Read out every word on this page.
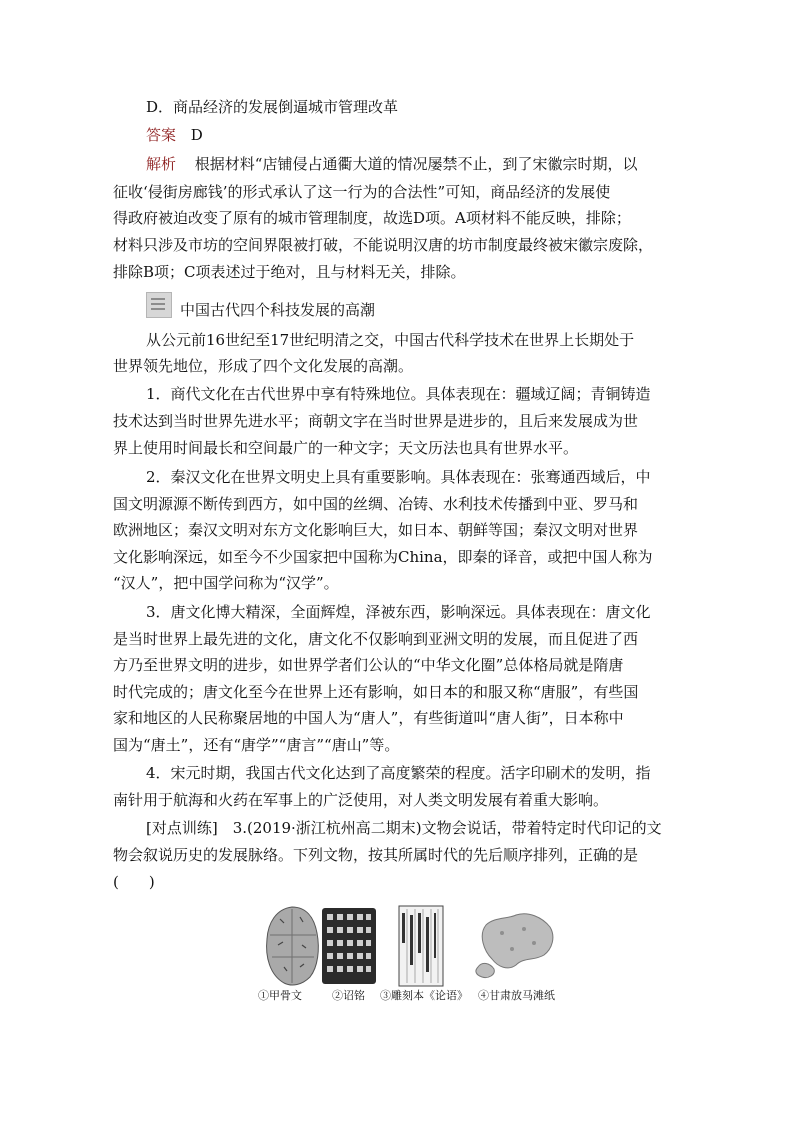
D．商品经济的发展倒逼城市管理改革
答案 D
解析 根据材料“店铺侵占通衢大道的情况屡禁不止，到了宋徽宗时期，以
征收‘侵街房廊钱’的形式承认了这一行为的合法性”可知，商品经济的发展使
得政府被迫改变了原有的城市管理制度，故选D项。A项材料不能反映，排除；
材料只涉及市坊的空间界限被打破，不能说明汉唐的坊市制度最终被宋徽宗废除，
排除B项；C项表述过于绝对，且与材料无关，排除。
中国古代四个科技发展的高潮
从公元前16世纪至17世纪明清之交，中国古代科学技术在世界上长期处于
世界领先地位，形成了四个文化发展的高潮。
1．商代文化在古代世界中享有特殊地位。具体表现在：疆域辽阔；青铜铸造
技术达到当时世界先进水平；商朝文字在当时世界是进步的，且后来发展成为世
界上使用时间最长和空间最广的一种文字；天文历法也具有世界水平。
2．秦汉文化在世界文明史上具有重要影响。具体表现在：张骞通西域后，中
国文明源源不断传到西方，如中国的丝绸、冶铸、水利技术传播到中亚、罗马和
欧洲地区；秦汉文明对东方文化影响巨大，如日本、朝鲜等国；秦汉文明对世界
文化影响深远，如至今不少国家把中国称为China，即秦的译音，或把中国人称为
“汉人”，把中国学问称为“汉学”。
3．唐文化博大精深，全面辉煌，泽被东西，影响深远。具体表现在：唐文化
是当时世界上最先进的文化，唐文化不仅影响到亚洲文明的发展，而且促进了西
方乃至世界文明的进步，如世界学者们公认的“中华文化圈”总体格局就是隋唐
时代完成的；唐文化至今在世界上还有影响，如日本的和服又称“唐服”，有些国
家和地区的人民称聚居地的中国人为“唐人”，有些街道叫“唐人街”，日本称中
国为“唐土”，还有“唐学”“唐言”“唐山”等。
4．宋元时期，我国古代文化达到了高度繁荣的程度。活字印刷术的发明，指
南针用于航海和火药在军事上的广泛使用，对人类文明发展有着重大影响。
[对点训练]　3.(2019·浙江杭州高二期末)文物会说话，带着特定时代印记的文
物会叙说历史的发展脉络。下列文物，按其所属时代的先后顺序排列，正确的是
(　　)
①甲骨文	②诏铭 ③雕刻本《论语》 ④甘肃放马滩纸
